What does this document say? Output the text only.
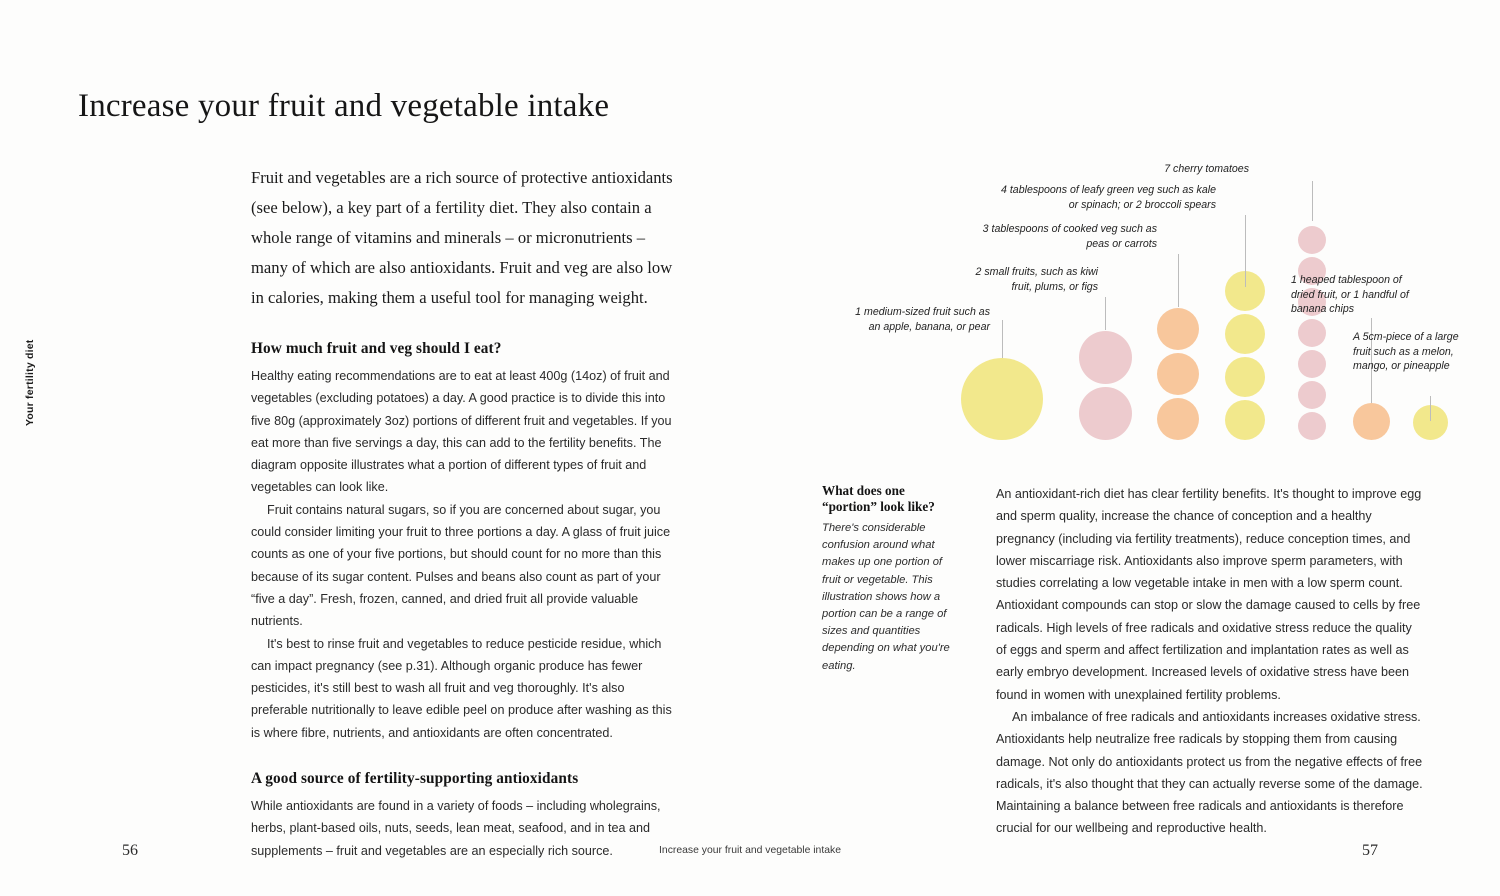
Your fertility diet
Increase your fruit and vegetable intake

Fruit and vegetables are a rich source of protective antioxidants (see below), a key part of a fertility diet. They also contain a whole range of vitamins and minerals – or micronutrients – many of which are also antioxidants. Fruit and veg are also low in calories, making them a useful tool for managing weight.

How much fruit and veg should I eat?

Healthy eating recommendations are to eat at least 400g (14oz) of fruit and vegetables (excluding potatoes) a day. A good practice is to divide this into five 80g (approximately 3oz) portions of different fruit and vegetables. If you eat more than five servings a day, this can add to the fertility benefits. The diagram opposite illustrates what a portion of different types of fruit and vegetables can look like.

Fruit contains natural sugars, so if you are concerned about sugar, you could consider limiting your fruit to three portions a day. A glass of fruit juice counts as one of your five portions, but should count for no more than this because of its sugar content. Pulses and beans also count as part of your “five a day”. Fresh, frozen, canned, and dried fruit all provide valuable nutrients.

It's best to rinse fruit and vegetables to reduce pesticide residue, which can impact pregnancy (see p.31). Although organic produce has fewer pesticides, it's still best to wash all fruit and veg thoroughly. It's also preferable nutritionally to leave edible peel on produce after washing as this is where fibre, nutrients, and antioxidants are often concentrated.

A good source of fertility-supporting antioxidants

While antioxidants are found in a variety of foods – including wholegrains, herbs, plant-based oils, nuts, seeds, lean meat, seafood, and in tea and supplements – fruit and vegetables are an especially rich source.

1 medium-sized fruit such as an apple, banana, or pear
2 small fruits, such as kiwi fruit, plums, or figs
3 tablespoons of cooked veg such as peas or carrots
4 tablespoons of leafy green veg such as kale or spinach; or 2 broccoli spears
7 cherry tomatoes
1 heaped tablespoon of dried fruit, or 1 handful of banana chips
A 5cm-piece of a large fruit such as a melon, mango, or pineapple
What does one “portion” look like?

There's considerable confusion around what makes up one portion of fruit or vegetable. This illustration shows how a portion can be a range of sizes and quantities depending on what you're eating.

An antioxidant-rich diet has clear fertility benefits. It's thought to improve egg and sperm quality, increase the chance of conception and a healthy pregnancy (including via fertility treatments), reduce conception times, and lower miscarriage risk. Antioxidants also improve sperm parameters, with studies correlating a low vegetable intake in men with a low sperm count. Antioxidant compounds can stop or slow the damage caused to cells by free radicals. High levels of free radicals and oxidative stress reduce the quality of eggs and sperm and affect fertilization and implantation rates as well as early embryo development. Increased levels of oxidative stress have been found in women with unexplained fertility problems.

An imbalance of free radicals and antioxidants increases oxidative stress. Antioxidants help neutralize free radicals by stopping them from causing damage. Not only do antioxidants protect us from the negative effects of free radicals, it's also thought that they can actually reverse some of the damage. Maintaining a balance between free radicals and antioxidants is therefore crucial for our wellbeing and reproductive health.

56	Increase your fruit and vegetable intake	57
